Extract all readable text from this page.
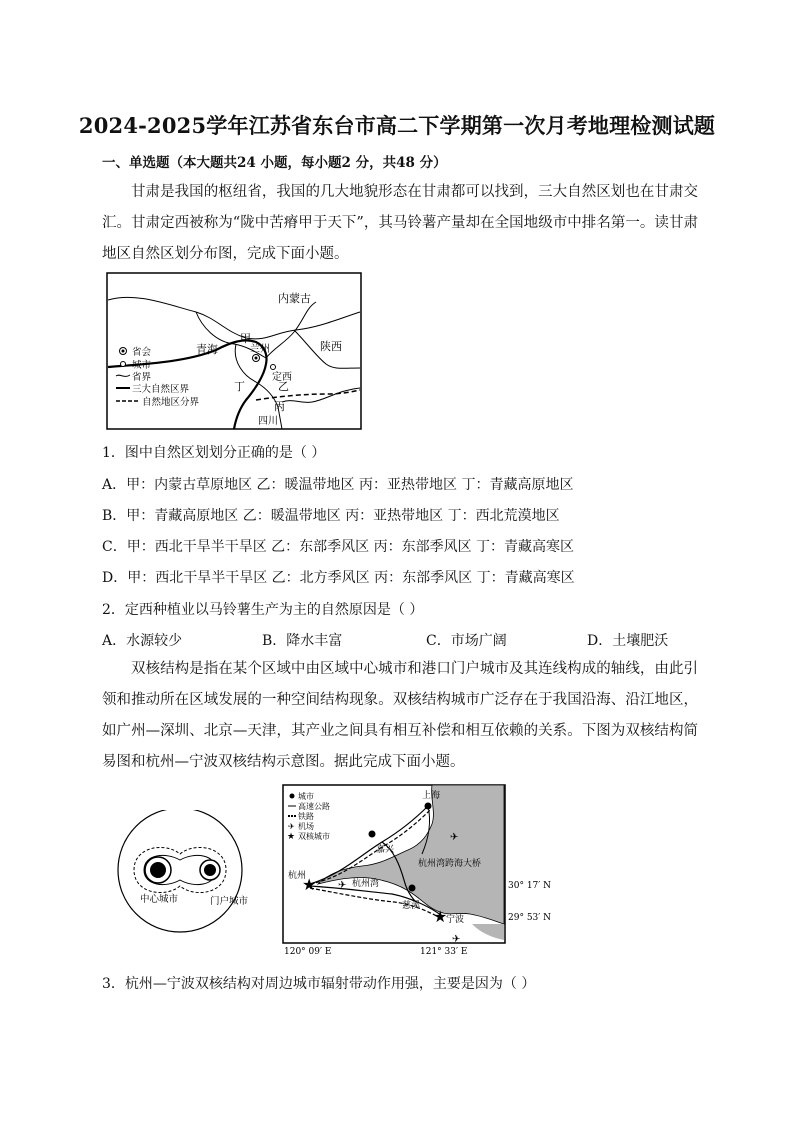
2024-2025学年江苏省东台市高二下学期第一次月考地理检测试题
一、单选题（本大题共24 小题，每小题2 分，共48 分）
甘肃是我国的枢纽省，我国的几大地貌形态在甘肃都可以找到，三大自然区划也在甘肃交汇。甘肃定西被称为“陇中苦瘠甲于天下”，其马铃薯产量却在全国地级市中排名第一。读甘肃地区自然区划分布图，完成下面小题。
内蒙古
青海	兰州	陕西
定西
四川
甲
乙
丙
丁
省会
城市
省界
三大自然区界
自然地区分界
1．图中自然区划划分正确的是（ ）
A．甲：内蒙古草原地区 乙：暖温带地区 丙：亚热带地区 丁：青藏高原地区
B．甲：青藏高原地区 乙：暖温带地区 丙：亚热带地区 丁：西北荒漠地区
C．甲：西北干旱半干旱区 乙：东部季风区 丙：东部季风区 丁：青藏高寒区
D．甲：西北干旱半干旱区 乙：北方季风区 丙：东部季风区 丁：青藏高寒区
2．定西种植业以马铃薯生产为主的自然原因是（ ）
A．水源较少	B．降水丰富	C．市场广阔	D．土壤肥沃
双核结构是指在某个区域中由区域中心城市和港口门户城市及其连线构成的轴线，由此引领和推动所在区域发展的一种空间结构现象。双核结构城市广泛存在于我国沿海、沿江地区，如广州—深圳、北京—天津，其产业之间具有相互补偿和相互依赖的关系。下图为双核结构简易图和杭州—宁波双核结构示意图。据此完成下面小题。
中心城市	门户城市
★
★
✈
✈
✈
上海
嘉兴
杭州
杭州湾
杭州湾跨海大桥
慈溪
宁波
城市
高速公路
铁路
✈ 机场
★ 双核城市
30° 17′ N
29° 53′ N
120° 09′ E	121° 33′ E
3．杭州—宁波双核结构对周边城市辐射带动作用强，主要是因为（ ）
